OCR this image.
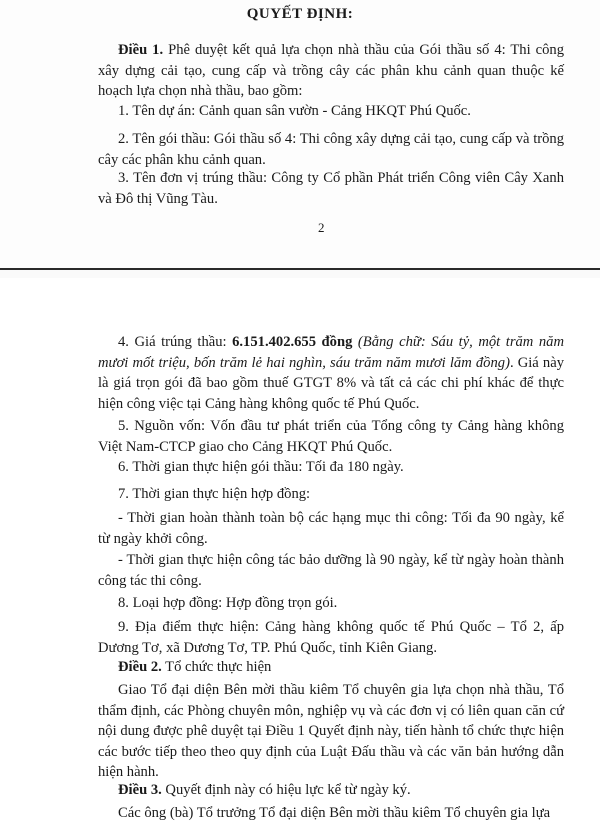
QUYẾT ĐỊNH:

Điều 1. Phê duyệt kết quả lựa chọn nhà thầu của Gói thầu số 4: Thi công xây dựng cải tạo, cung cấp và trồng cây các phân khu cảnh quan thuộc kế hoạch lựa chọn nhà thầu, bao gồm:

1. Tên dự án: Cảnh quan sân vườn - Cảng HKQT Phú Quốc.

2. Tên gói thầu: Gói thầu số 4: Thi công xây dựng cải tạo, cung cấp và trồng cây các phân khu cảnh quan.

3. Tên đơn vị trúng thầu: Công ty Cổ phần Phát triển Công viên Cây Xanh và Đô thị Vũng Tàu.

2

4. Giá trúng thầu: 6.151.402.655 đồng (Bằng chữ: Sáu tỷ, một trăm năm mươi mốt triệu, bốn trăm lẻ hai nghìn, sáu trăm năm mươi lăm đồng). Giá này là giá trọn gói đã bao gồm thuế GTGT 8% và tất cả các chi phí khác để thực hiện công việc tại Cảng hàng không quốc tế Phú Quốc.

5. Nguồn vốn: Vốn đầu tư phát triển của Tổng công ty Cảng hàng không Việt Nam-CTCP giao cho Cảng HKQT Phú Quốc.

6. Thời gian thực hiện gói thầu: Tối đa 180 ngày.

7. Thời gian thực hiện hợp đồng:

- Thời gian hoàn thành toàn bộ các hạng mục thi công: Tối đa 90 ngày, kể từ ngày khởi công.

- Thời gian thực hiện công tác bảo dưỡng là 90 ngày, kể từ ngày hoàn thành công tác thi công.

8. Loại hợp đồng: Hợp đồng trọn gói.

9. Địa điểm thực hiện: Cảng hàng không quốc tế Phú Quốc – Tổ 2, ấp Dương Tơ, xã Dương Tơ, TP. Phú Quốc, tỉnh Kiên Giang.

Điều 2. Tổ chức thực hiện

Giao Tổ đại diện Bên mời thầu kiêm Tổ chuyên gia lựa chọn nhà thầu, Tổ thẩm định, các Phòng chuyên môn, nghiệp vụ và các đơn vị có liên quan căn cứ nội dung được phê duyệt tại Điều 1 Quyết định này, tiến hành tổ chức thực hiện các bước tiếp theo theo quy định của Luật Đấu thầu và các văn bản hướng dẫn hiện hành.

Điều 3. Quyết định này có hiệu lực kể từ ngày ký.

Các ông (bà) Tổ trưởng Tổ đại diện Bên mời thầu kiêm Tổ chuyên gia lựa
